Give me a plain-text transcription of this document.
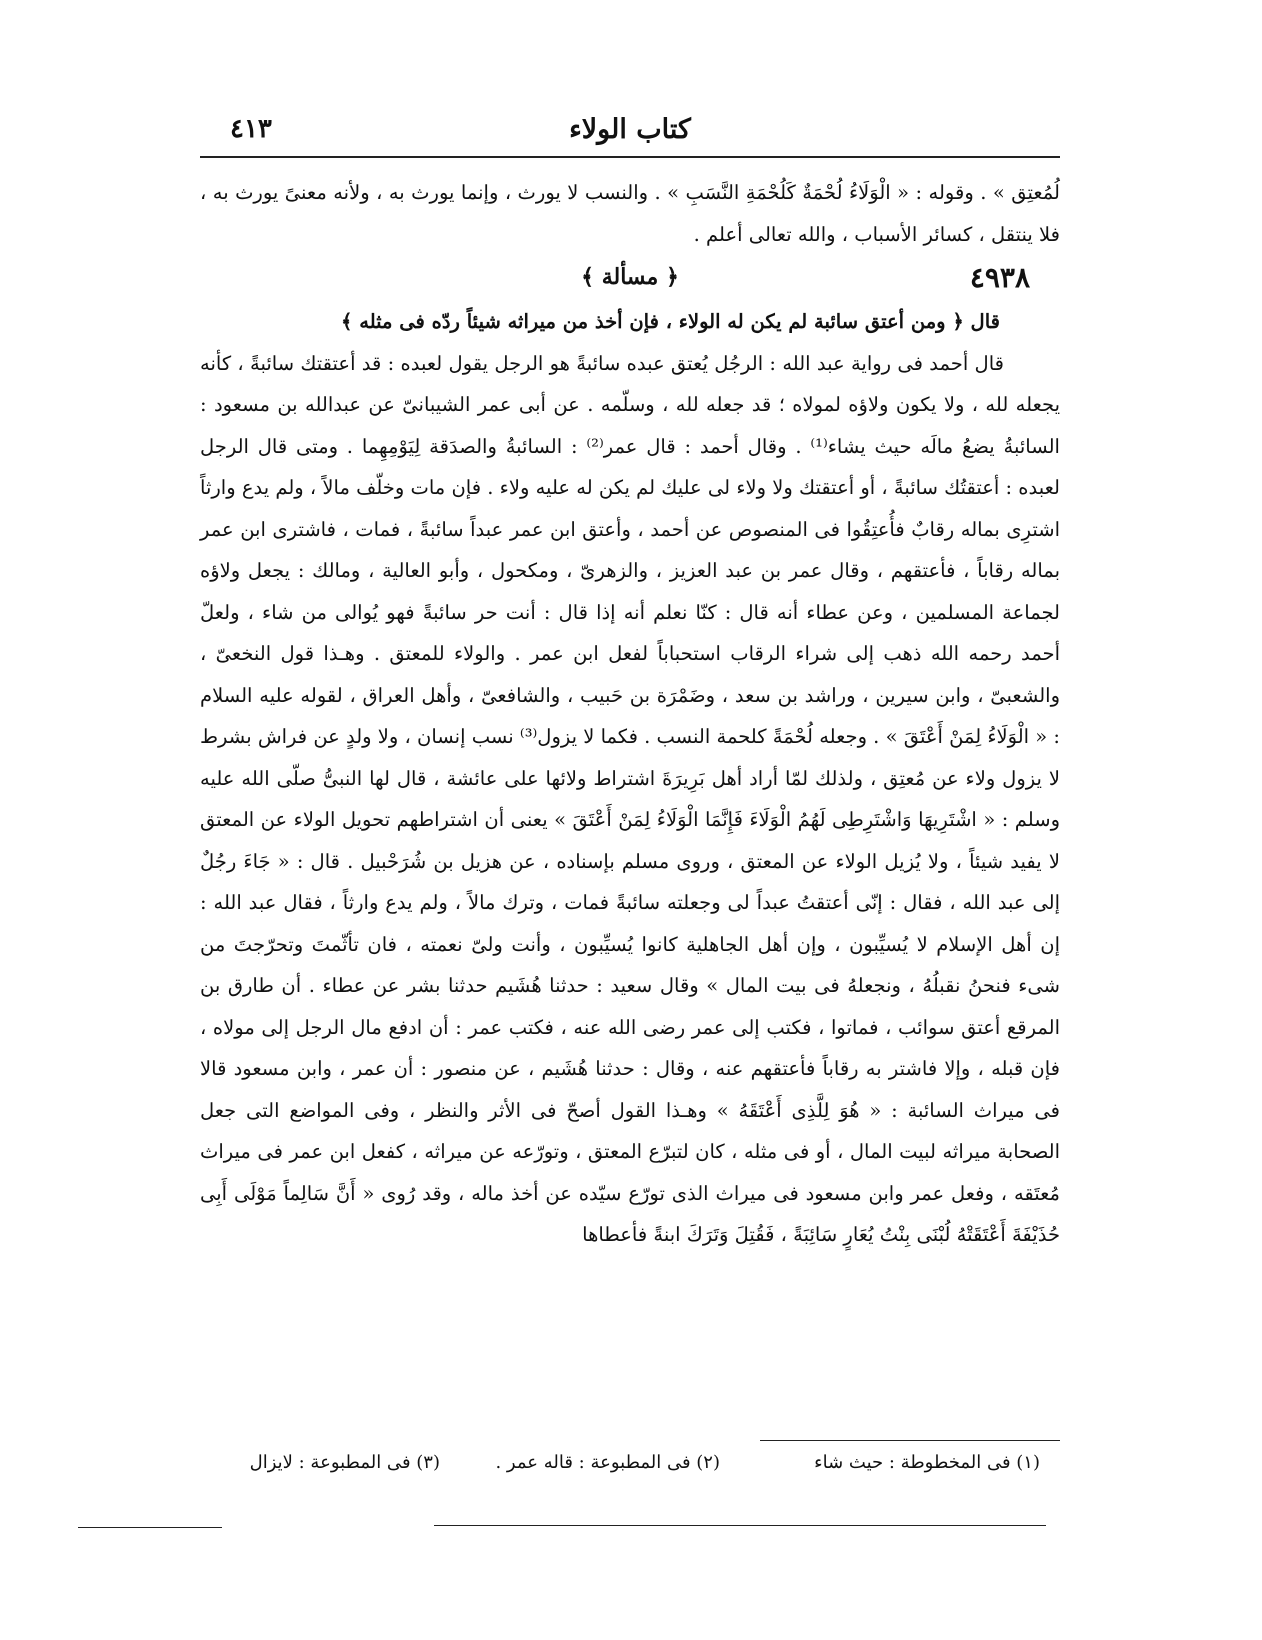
كتاب الولاء
٤١٣

لُمُعتِق » . وقوله : « الْوَلَاءُ لُحْمَةٌ كَلُحْمَةِ النَّسَبِ » . والنسب لا يورث ، وإنما يورث به ، ولأنه معنىً يورث به ، فلا ينتقل ، كسائر الأسباب ، والله تعالى أعلم .

٤٩٣٨
﴿ مسألة ﴾

قال ﴿ ومن أعتق سائبة لم يكن له الولاء ، فإن أخذ من ميراثه شيئاً ردّه فى مثله ﴾

قال أحمد فى رواية عبد الله : الرجُل يُعتق عبده سائبةً هو الرجل يقول لعبده : قد أعتقتك سائبةً ، كأنه يجعله لله ، ولا يكون ولاؤه لمولاه ؛ قد جعله لله ، وسلّمه . عن أبى عمر الشيبانىّ عن عبدالله بن مسعود : السائبةُ يضعُ مالَه حيث يشاء⁽¹⁾ . وقال أحمد : قال عمر⁽²⁾ : السائبةُ والصدَقة لِيَوْمِهِما . ومتى قال الرجل لعبده : أعتقتُك سائبةً ، أو أعتقتك ولا ولاء لى عليك لم يكن له عليه ولاء . فإن مات وخلّف مالاً ، ولم يدع وارثاً اشترِى بماله رقابٌ فأُعتِقُوا فى المنصوص عن أحمد ، وأعتق ابن عمر عبداً سائبةً ، فمات ، فاشترى ابن عمر بماله رقاباً ، فأعتقهم ، وقال عمر بن عبد العزيز ، والزهرىّ ، ومكحول ، وأبو العالية ، ومالك : يجعل ولاؤه لجماعة المسلمين ، وعن عطاء أنه قال : كنّا نعلم أنه إذا قال : أنت حر سائبةً فهو يُوالى من شاء ، ولعلّ أحمد رحمه الله ذهب إلى شراء الرقاب استحباباً لفعل ابن عمر . والولاء للمعتق . وهـذا قول النخعىّ ، والشعبىّ ، وابن سيرين ، وراشد بن سعد ، وضَمْرَة بن حَبيب ، والشافعىّ ، وأهل العراق ، لقوله عليه السلام : « الْوَلَاءُ لِمَنْ أَعْتَقَ » . وجعله لُحْمَةً كلحمة النسب . فكما لا يزول⁽³⁾ نسب إنسان ، ولا ولدٍ عن فراش بشرط لا يزول ولاء عن مُعتِق ، ولذلك لمّا أراد أهل بَرِيرَةَ اشتراط ولائها على عائشة ، قال لها النبىُّ صلّى الله عليه وسلم : « اشْتَرِيهَا وَاشْتَرِطِى لَهُمُ الْوَلَاءَ فَإِنَّمَا الْوَلَاءُ لِمَنْ أَعْتَقَ » يعنى أن اشتراطهم تحويل الولاء عن المعتق لا يفيد شيئاً ، ولا يُزيل الولاء عن المعتق ، وروى مسلم بإسناده ، عن هزيل بن شُرَحْبيل . قال : « جَاءَ رجُلٌ إلى عبد الله ، فقال : إنّى أعتقتُ عبداً لى وجعلته سائبةً فمات ، وترك مالاً ، ولم يدع وارثاً ، فقال عبد الله : إن أهل الإسلام لا يُسيِّبون ، وإن أهل الجاهلية كانوا يُسيِّبون ، وأنت ولىّ نعمته ، فان تأثّمتَ وتحرّجتَ من شىء فنحنُ نقبلُهُ ، ونجعلهُ فى بيت المال » وقال سعيد : حدثنا هُشَيم حدثنا بشر عن عطاء . أن طارق بن المرقع أعتق سوائب ، فماتوا ، فكتب إلى عمر رضى الله عنه ، فكتب عمر : أن ادفع مال الرجل إلى مولاه ، فإن قبله ، وإلا فاشتر به رقاباً فأعتقهم عنه ، وقال : حدثنا هُشَيم ، عن منصور : أن عمر ، وابن مسعود قالا فى ميراث السائبة : « هُوَ لِلَّذِى أَعْتَقَهُ » وهـذا القول أصحّ فى الأثر والنظر ، وفى المواضع التى جعل الصحابة ميراثه لبيت المال ، أو فى مثله ، كان لتبرّع المعتق ، وتورّعه عن ميراثه ، كفعل ابن عمر فى ميراث مُعتَقه ، وفعل عمر وابن مسعود فى ميراث الذى تورّع سيّده عن أخذ ماله ، وقد رُوى « أَنَّ سَالِماً مَوْلَى أَبِى حُذَيْفَةَ أَعْتَقَتْهُ لُبْنَى بِنْتُ يُعَارٍ سَائِبَةً ، فَقُتِلَ وَتَرَكَ ابنةً فأعطاها

(١) فى المخطوطة : حيث شاء
(٢) فى المطبوعة : قاله عمر .
(٣) فى المطبوعة : لايزال
